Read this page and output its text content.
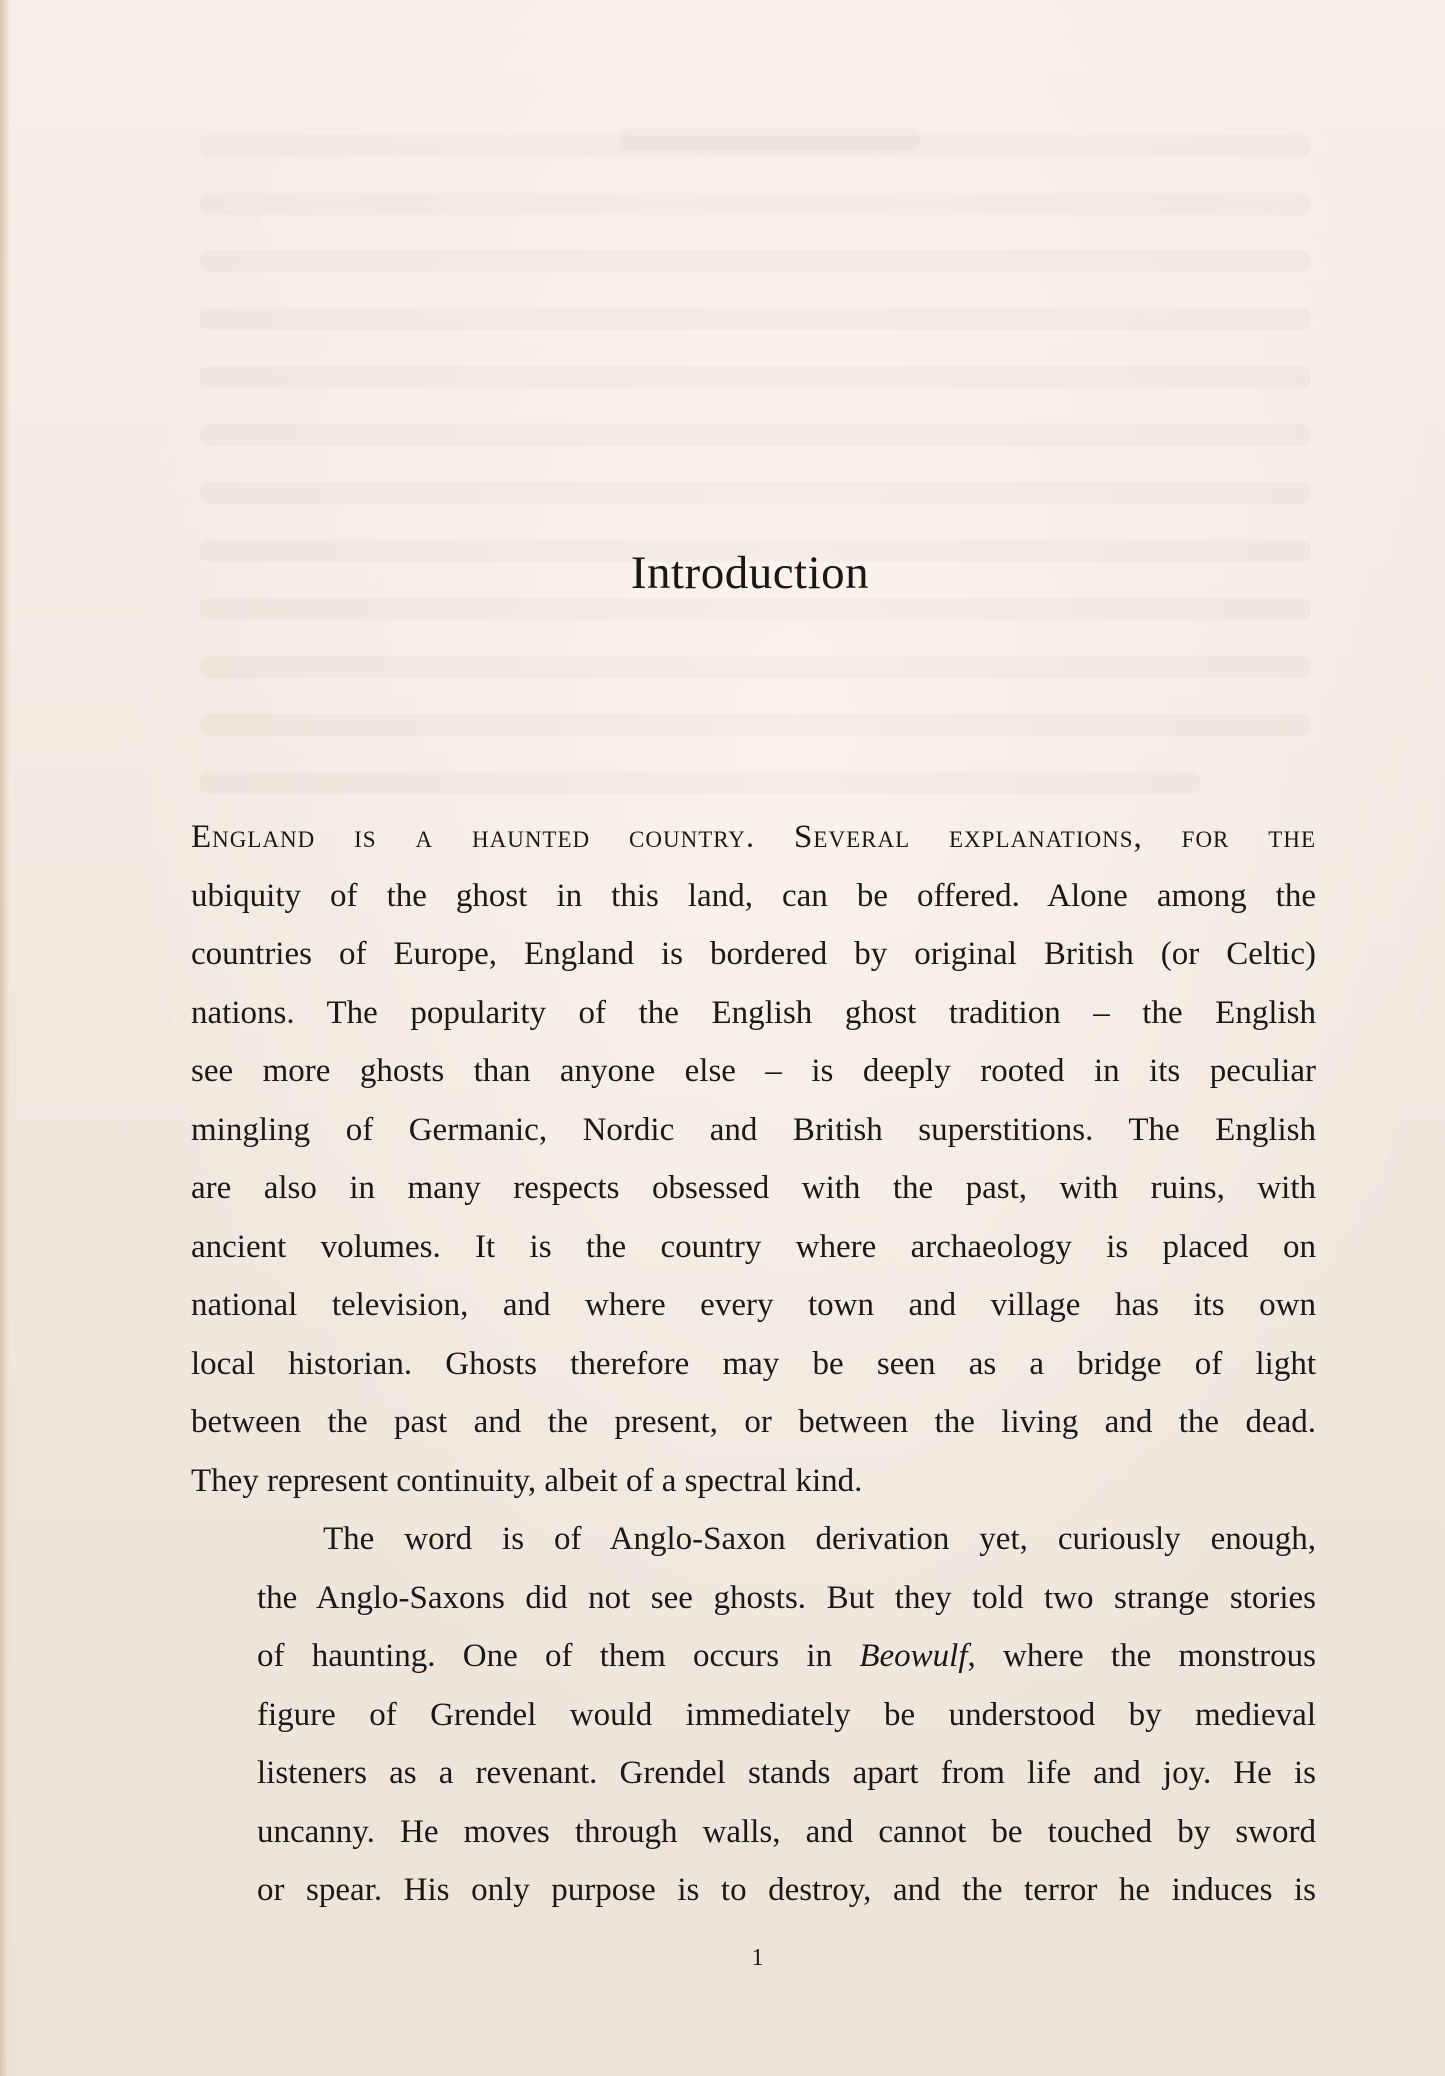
Introduction

England is a haunted country. Several explanations, for the
ubiquity of the ghost in this land, can be offered. Alone among the
countries of Europe, England is bordered by original British (or Celtic)
nations. The popularity of the English ghost tradition – the English
see more ghosts than anyone else – is deeply rooted in its peculiar
mingling of Germanic, Nordic and British superstitions. The English
are also in many respects obsessed with the past, with ruins, with
ancient volumes. It is the country where archaeology is placed on
national television, and where every town and village has its own
local historian. Ghosts therefore may be seen as a bridge of light
between the past and the present, or between the living and the dead.
They represent continuity, albeit of a spectral kind.

The word is of Anglo-Saxon derivation yet, curiously enough,
the Anglo-Saxons did not see ghosts. But they told two strange stories
of haunting. One of them occurs in Beowulf, where the monstrous
figure of Grendel would immediately be understood by medieval
listeners as a revenant. Grendel stands apart from life and joy. He is
uncanny. He moves through walls, and cannot be touched by sword
or spear. His only purpose is to destroy, and the terror he induces is

1
